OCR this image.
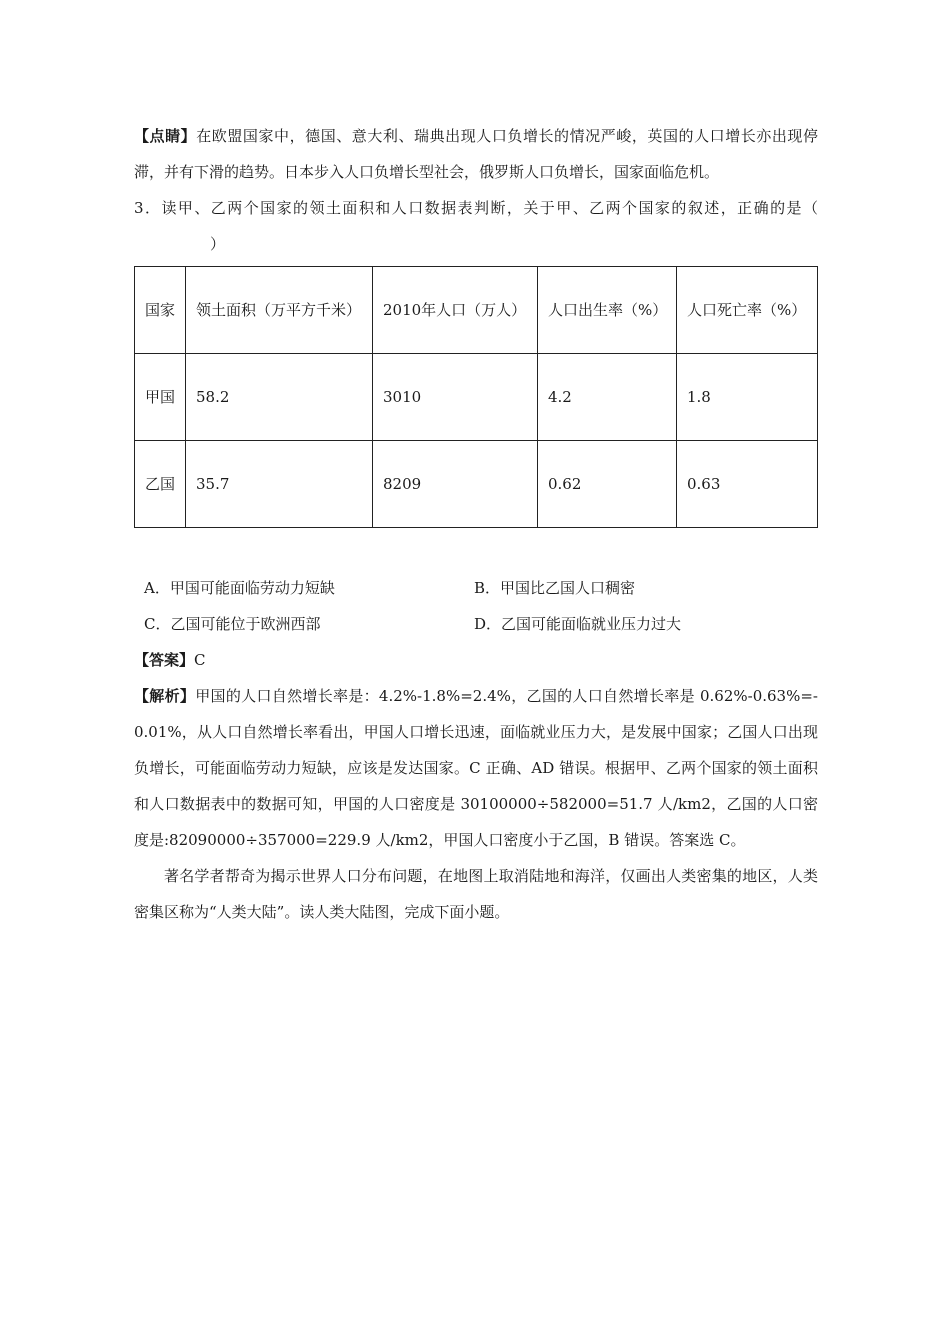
【点睛】在欧盟国家中，德国、意大利、瑞典出现人口负增长的情况严峻，英国的人口增长亦出现停滞，并有下滑的趋势。日本步入人口负增长型社会，俄罗斯人口负增长，国家面临危机。

3．读甲、乙两个国家的领土面积和人口数据表判断，关于甲、乙两个国家的叙述，正确的是（）

国家	领土面积（万平方千米）	2010年人口（万人）	人口出生率（%）	人口死亡率（%）
甲国	58.2	3010	4.2	1.8
乙国	35.7	8209	0.62	0.63
A．甲国可能面临劳动力短缺	B．甲国比乙国人口稠密
C．乙国可能位于欧洲西部	D．乙国可能面临就业压力过大

【答案】C

【解析】甲国的人口自然增长率是：4.2%-1.8%=2.4%，乙国的人口自然增长率是 0.62%-0.63%=-0.01%，从人口自然增长率看出，甲国人口增长迅速，面临就业压力大，是发展中国家；乙国人口出现负增长，可能面临劳动力短缺，应该是发达国家。C 正确、AD 错误。根据甲、乙两个国家的领土面积和人口数据表中的数据可知，甲国的人口密度是 30100000÷582000=51.7 人/km2，乙国的人口密度是:82090000÷357000=229.9 人/km2，甲国人口密度小于乙国，B 错误。答案选 C。

著名学者帮奇为揭示世界人口分布问题，在地图上取消陆地和海洋，仅画出人类密集的地区，人类密集区称为“人类大陆”。读人类大陆图，完成下面小题。
